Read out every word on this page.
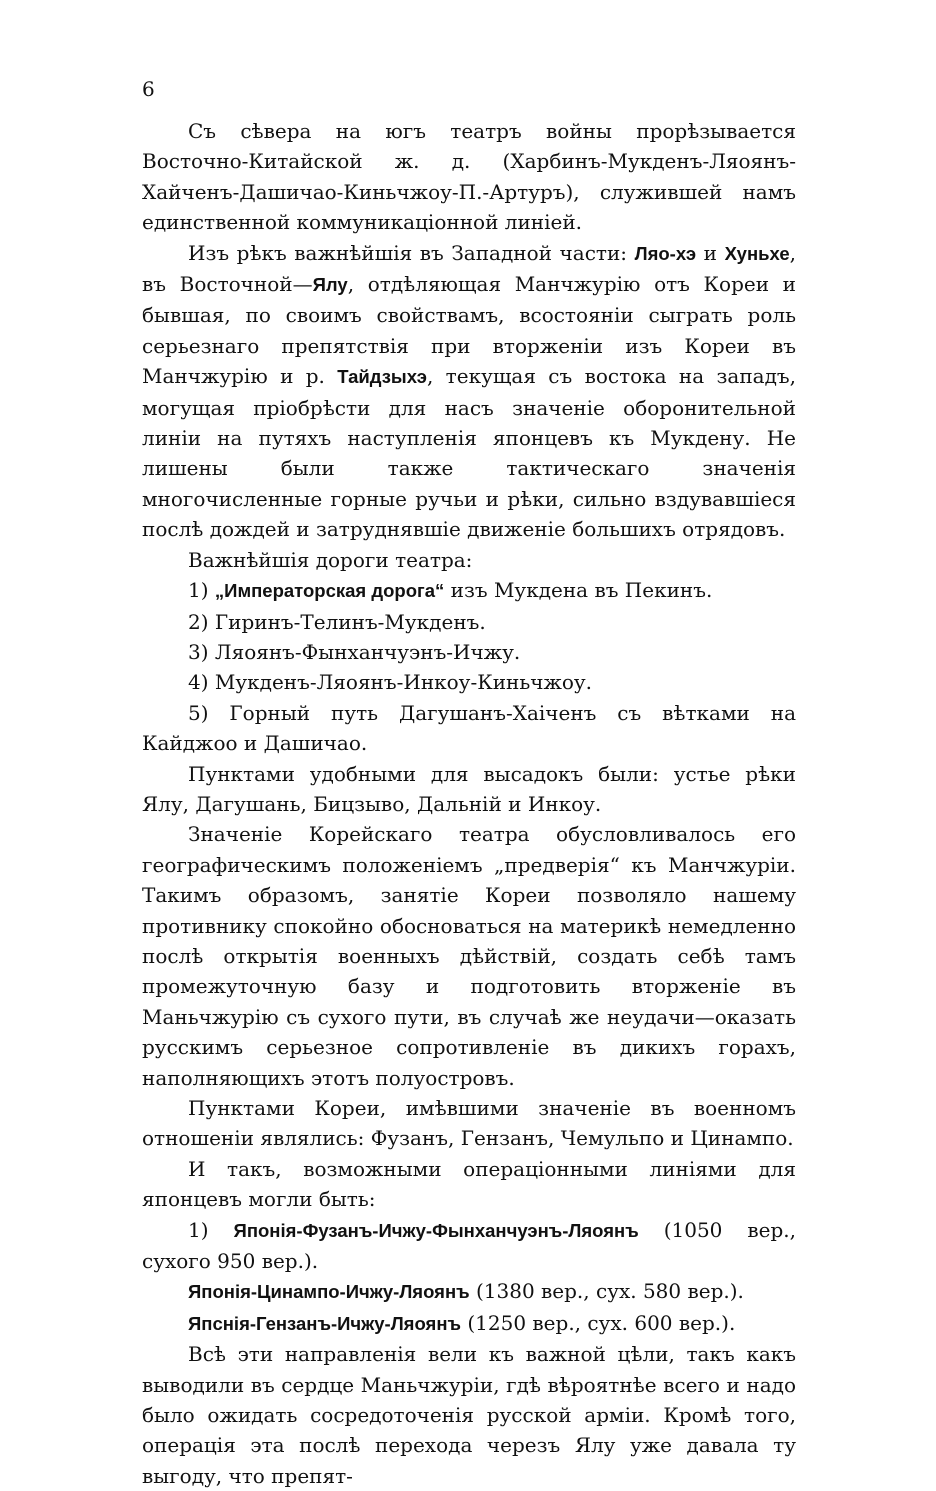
6

Съ сѣвера на югъ театръ войны прорѣзывается Восточно-Китайской ж. д. (Харбинъ-Мукденъ-Ляоянъ-Хайченъ-Дашичао-Киньчжоу-П.-Артуръ), служившей намъ единственной коммуникаціонной линіей.

Изъ рѣкъ важнѣйшія въ Западной части: Ляо-хэ и Хуньхе, въ Восточной—Ялу, отдѣляющая Манчжурію отъ Кореи и бывшая, по своимъ свойствамъ, всостояніи сыграть роль серьезнаго препятствія при вторженіи изъ Кореи въ Манчжурію и р. Тайдзыхэ, текущая съ востока на западъ, могущая пріобрѣсти для насъ значеніе оборонительной линіи на путяхъ наступленія японцевъ къ Мукдену. Не лишены были также тактическаго значенія многочисленные горные ручьи и рѣки, сильно вздувавшіеся послѣ дождей и затруднявшіе движеніе большихъ отрядовъ.

Важнѣйшія дороги театра:

1) „Императорская дорога“ изъ Мукдена въ Пекинъ.

2) Гиринъ-Телинъ-Мукденъ.

3) Ляоянъ-Фынханчуэнъ-Ичжу.

4) Мукденъ-Ляоянъ-Инкоу-Киньчжоу.

5) Горный путь Дагушанъ-Хаiченъ съ вѣтками на Кайджоо и Дашичао.

Пунктами удобными для высадокъ были: устье рѣки Ялу, Дагушань, Бицзыво, Дальній и Инкоу.

Значеніе Корейскаго театра обусловливалось его географическимъ положеніемъ „предверія“ къ Манчжуріи. Такимъ образомъ, занятіе Кореи позволяло нашему противнику спокойно обосноваться на материкѣ немедленно послѣ открытія военныхъ дѣйствій, создать себѣ тамъ промежуточную базу и подготовить вторженіе въ Маньчжурію съ сухого пути, въ случаѣ же неудачи—оказать русскимъ серьезное сопротивленіе въ дикихъ горахъ, наполняющихъ этотъ полуостровъ.

Пунктами Кореи, имѣвшими значеніе въ военномъ отношеніи являлись: Фузанъ, Гензанъ, Чемульпо и Цинампо.

И такъ, возможными операціонными линіями для японцевъ могли быть:

1) Японія-Фузанъ-Ичжу-Фынханчуэнъ-Ляоянъ (1050 вер., сухого 950 вер.).

Японія-Цинампо-Ичжу-Ляоянъ (1380 вер., сух. 580 вер.).

Япснія-Гензанъ-Ичжу-Ляоянъ (1250 вер., сух. 600 вер.).

Всѣ эти направленія вели къ важной цѣли, такъ какъ выводили въ сердце Маньчжуріи, гдѣ вѣроятнѣе всего и надо было ожидать сосредоточенія русской арміи. Кромѣ того, операція эта послѣ перехода черезъ Ялу уже давала ту выгоду, что препят-
